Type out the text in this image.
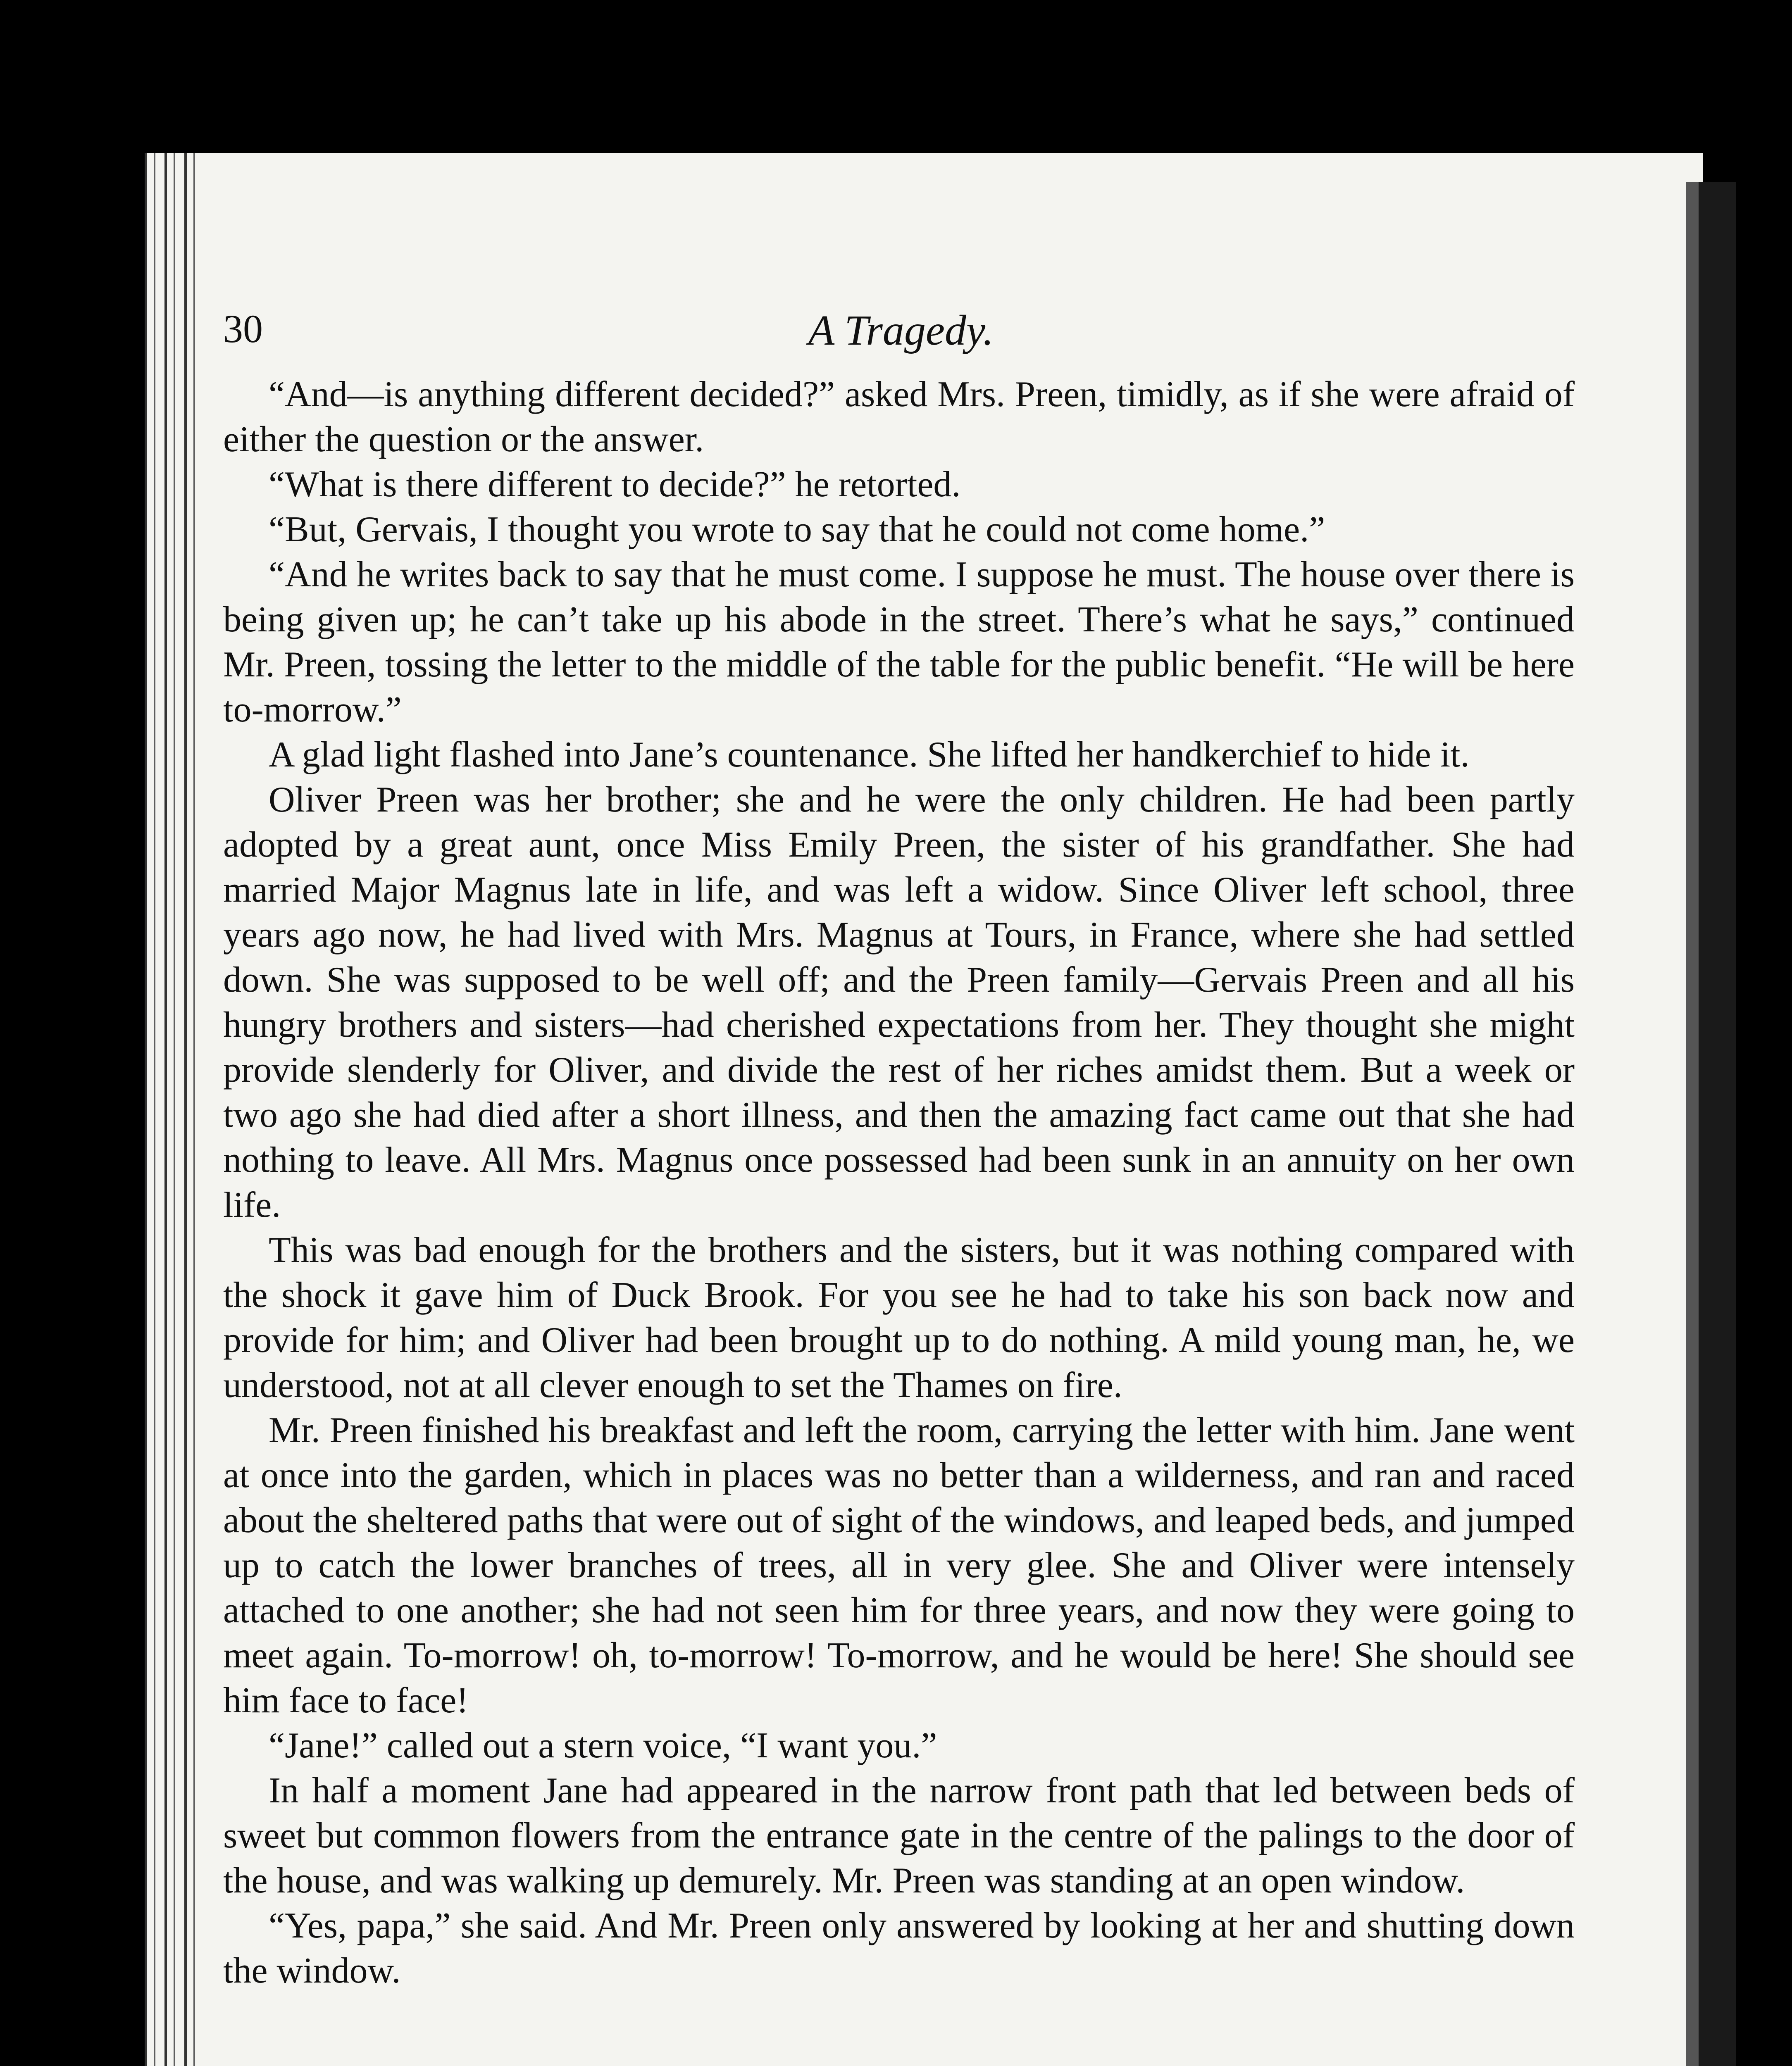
30	A Tragedy.

“And—is anything different decided?” asked Mrs. Preen, timidly, as if she were afraid of either the question or the answer.

“What is there different to decide?” he retorted.

“But, Gervais, I thought you wrote to say that he could not come home.”

“And he writes back to say that he must come. I suppose he must. The house over there is being given up; he can’t take up his abode in the street. There’s what he says,” continued Mr. Preen, tossing the letter to the middle of the table for the public benefit. “He will be here to-morrow.”

A glad light flashed into Jane’s countenance. She lifted her handkerchief to hide it.

Oliver Preen was her brother; she and he were the only children. He had been partly adopted by a great aunt, once Miss Emily Preen, the sister of his grandfather. She had married Major Magnus late in life, and was left a widow. Since Oliver left school, three years ago now, he had lived with Mrs. Magnus at Tours, in France, where she had settled down. She was supposed to be well off; and the Preen family—Gervais Preen and all his hungry brothers and sisters—had cherished expectations from her. They thought she might provide slenderly for Oliver, and divide the rest of her riches amidst them. But a week or two ago she had died after a short illness, and then the amazing fact came out that she had nothing to leave. All Mrs. Magnus once possessed had been sunk in an annuity on her own life.

This was bad enough for the brothers and the sisters, but it was nothing compared with the shock it gave him of Duck Brook. For you see he had to take his son back now and provide for him; and Oliver had been brought up to do nothing. A mild young man, he, we understood, not at all clever enough to set the Thames on fire.

Mr. Preen finished his breakfast and left the room, carrying the letter with him. Jane went at once into the garden, which in places was no better than a wilderness, and ran and raced about the sheltered paths that were out of sight of the windows, and leaped beds, and jumped up to catch the lower branches of trees, all in very glee. She and Oliver were intensely attached to one another; she had not seen him for three years, and now they were going to meet again. To-morrow! oh, to-morrow! To-morrow, and he would be here! She should see him face to face!

“Jane!” called out a stern voice, “I want you.”

In half a moment Jane had appeared in the narrow front path that led between beds of sweet but common flowers from the entrance gate in the centre of the palings to the door of the house, and was walking up demurely. Mr. Preen was standing at an open window.

“Yes, papa,” she said. And Mr. Preen only answered by looking at her and shutting down the window.
